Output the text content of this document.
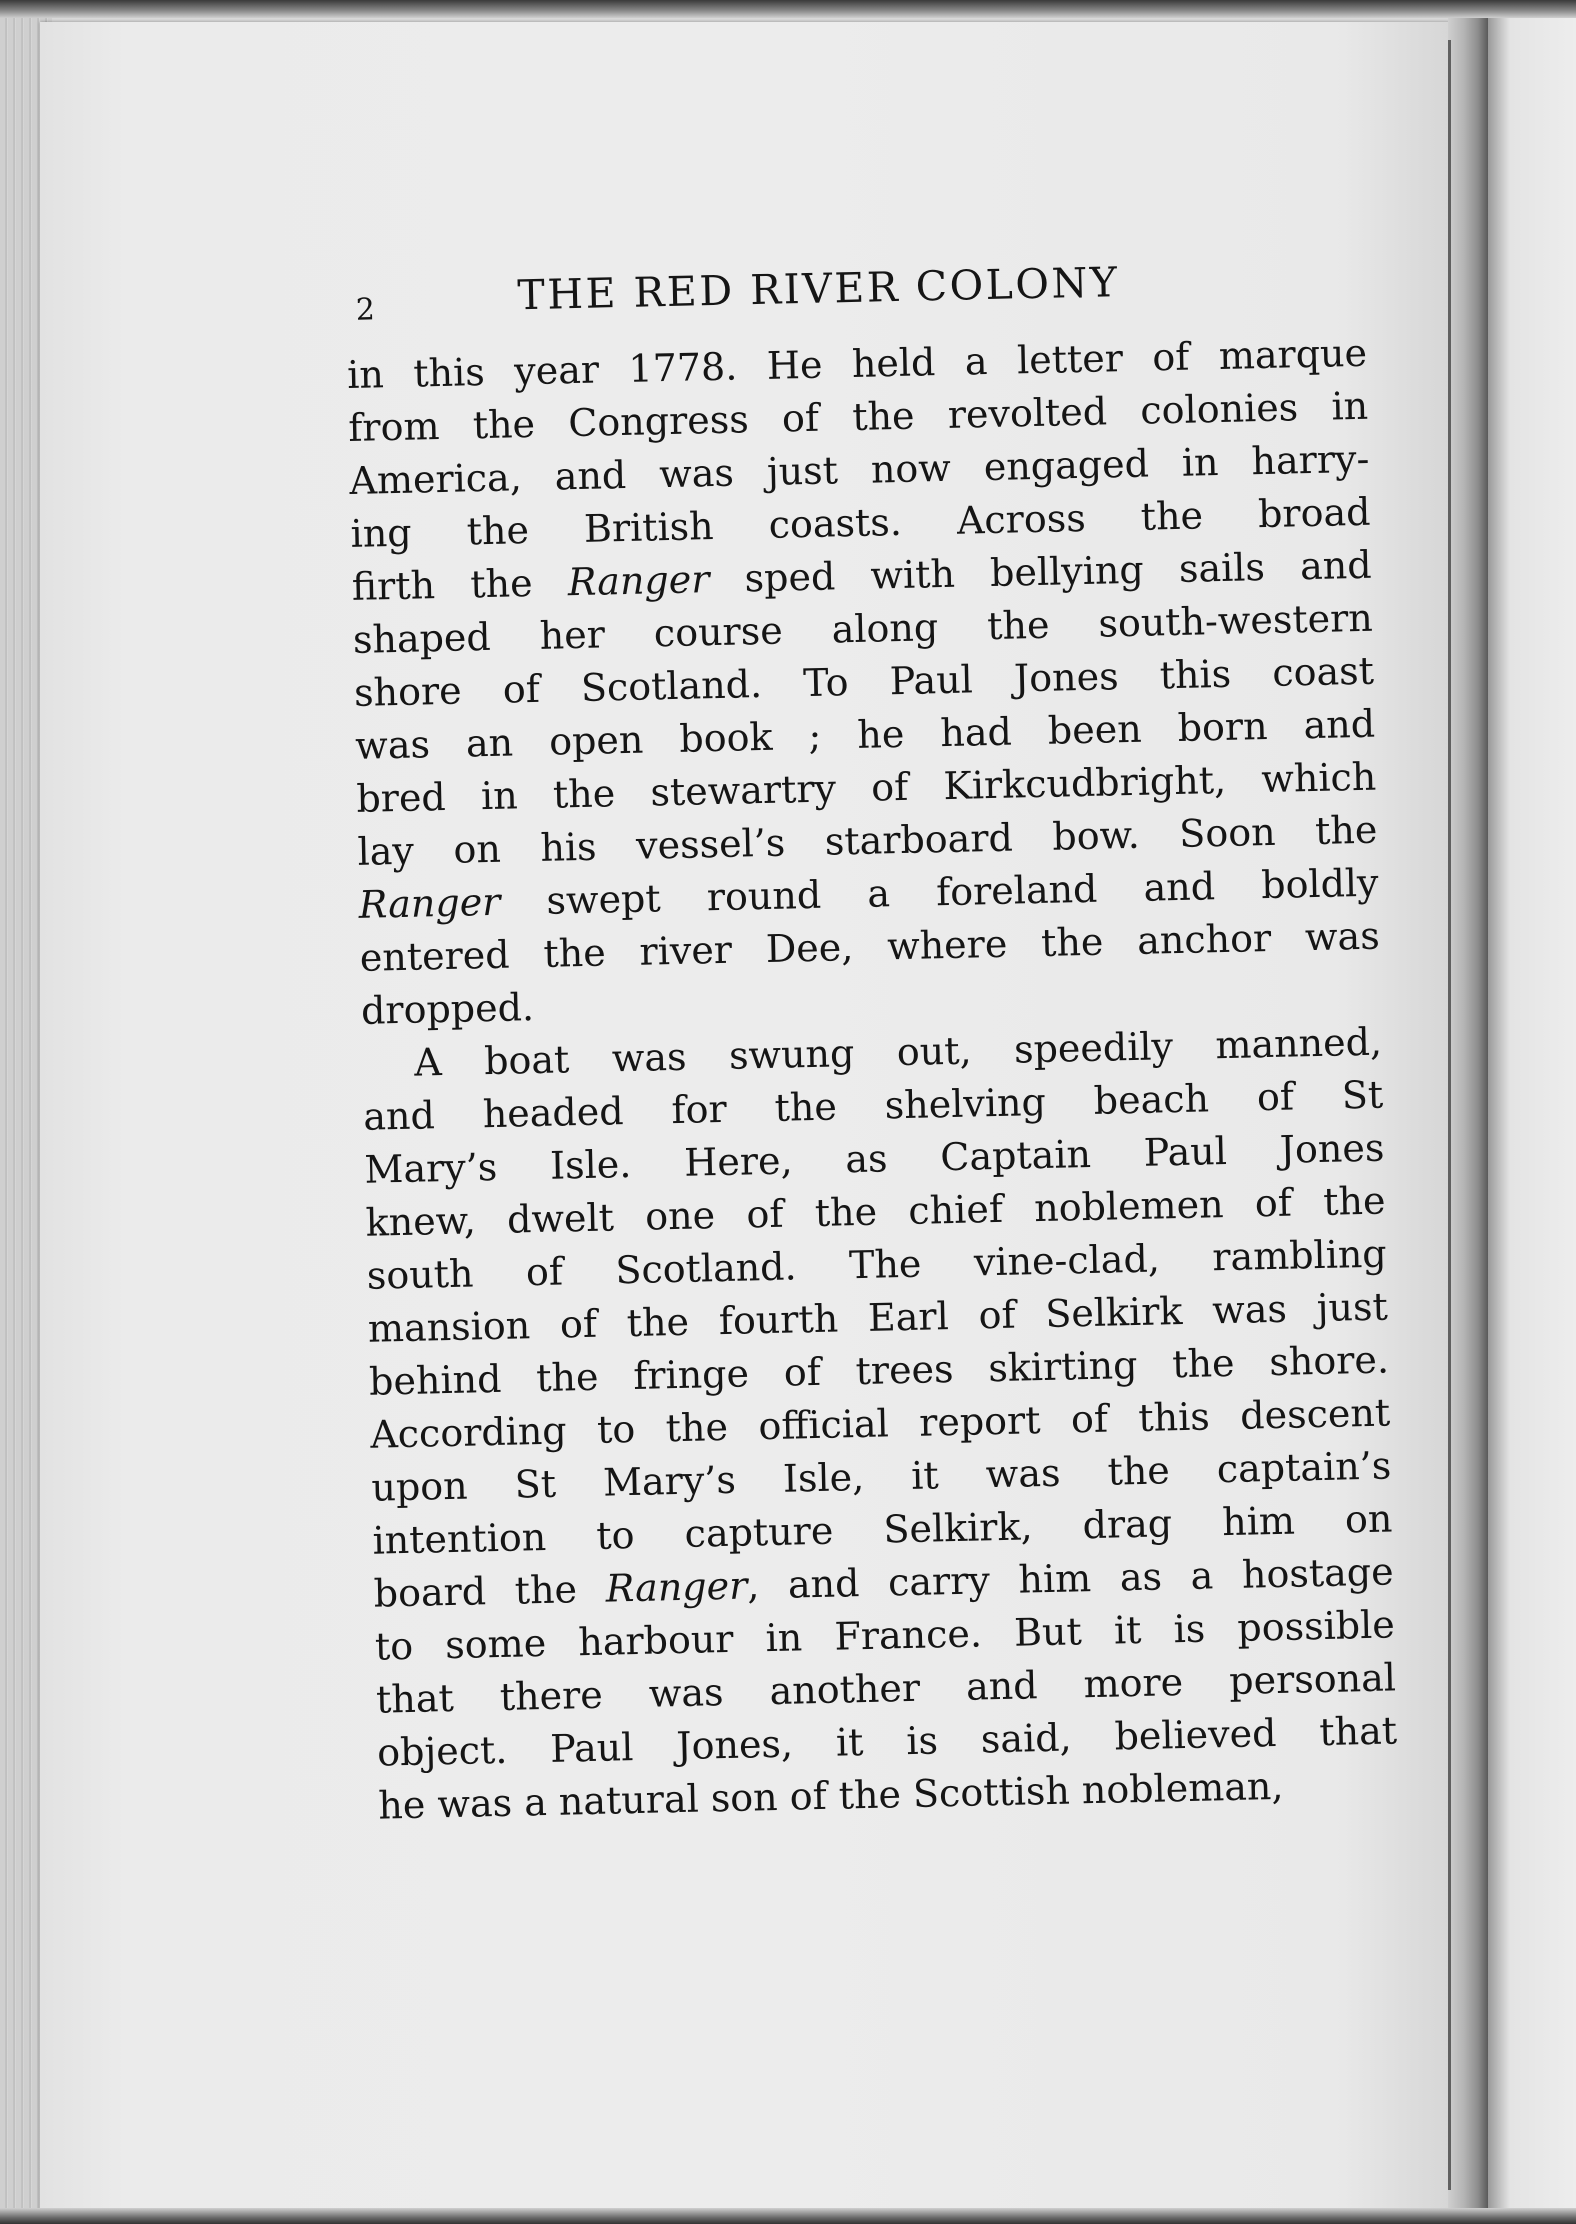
2	THE RED RIVER COLONY
in this year 1778. He held a letter of marque
from the Congress of the revolted colonies in
America, and was just now engaged in harry-
ing the British coasts. Across the broad
firth the Ranger sped with bellying sails and
shaped her course along the south-western
shore of Scotland. To Paul Jones this coast
was an open book ; he had been born and
bred in the stewartry of Kirkcudbright, which
lay on his vessel’s starboard bow. Soon the
Ranger swept round a foreland and boldly
entered the river Dee, where the anchor was
dropped.
A boat was swung out, speedily manned,
and headed for the shelving beach of St
Mary’s Isle. Here, as Captain Paul Jones
knew, dwelt one of the chief noblemen of the
south of Scotland. The vine-clad, rambling
mansion of the fourth Earl of Selkirk was just
behind the fringe of trees skirting the shore.
According to the official report of this descent
upon St Mary’s Isle, it was the captain’s
intention to capture Selkirk, drag him on
board the Ranger, and carry him as a hostage
to some harbour in France. But it is possible
that there was another and more personal
object. Paul Jones, it is said, believed that
he was a natural son of the Scottish nobleman,
